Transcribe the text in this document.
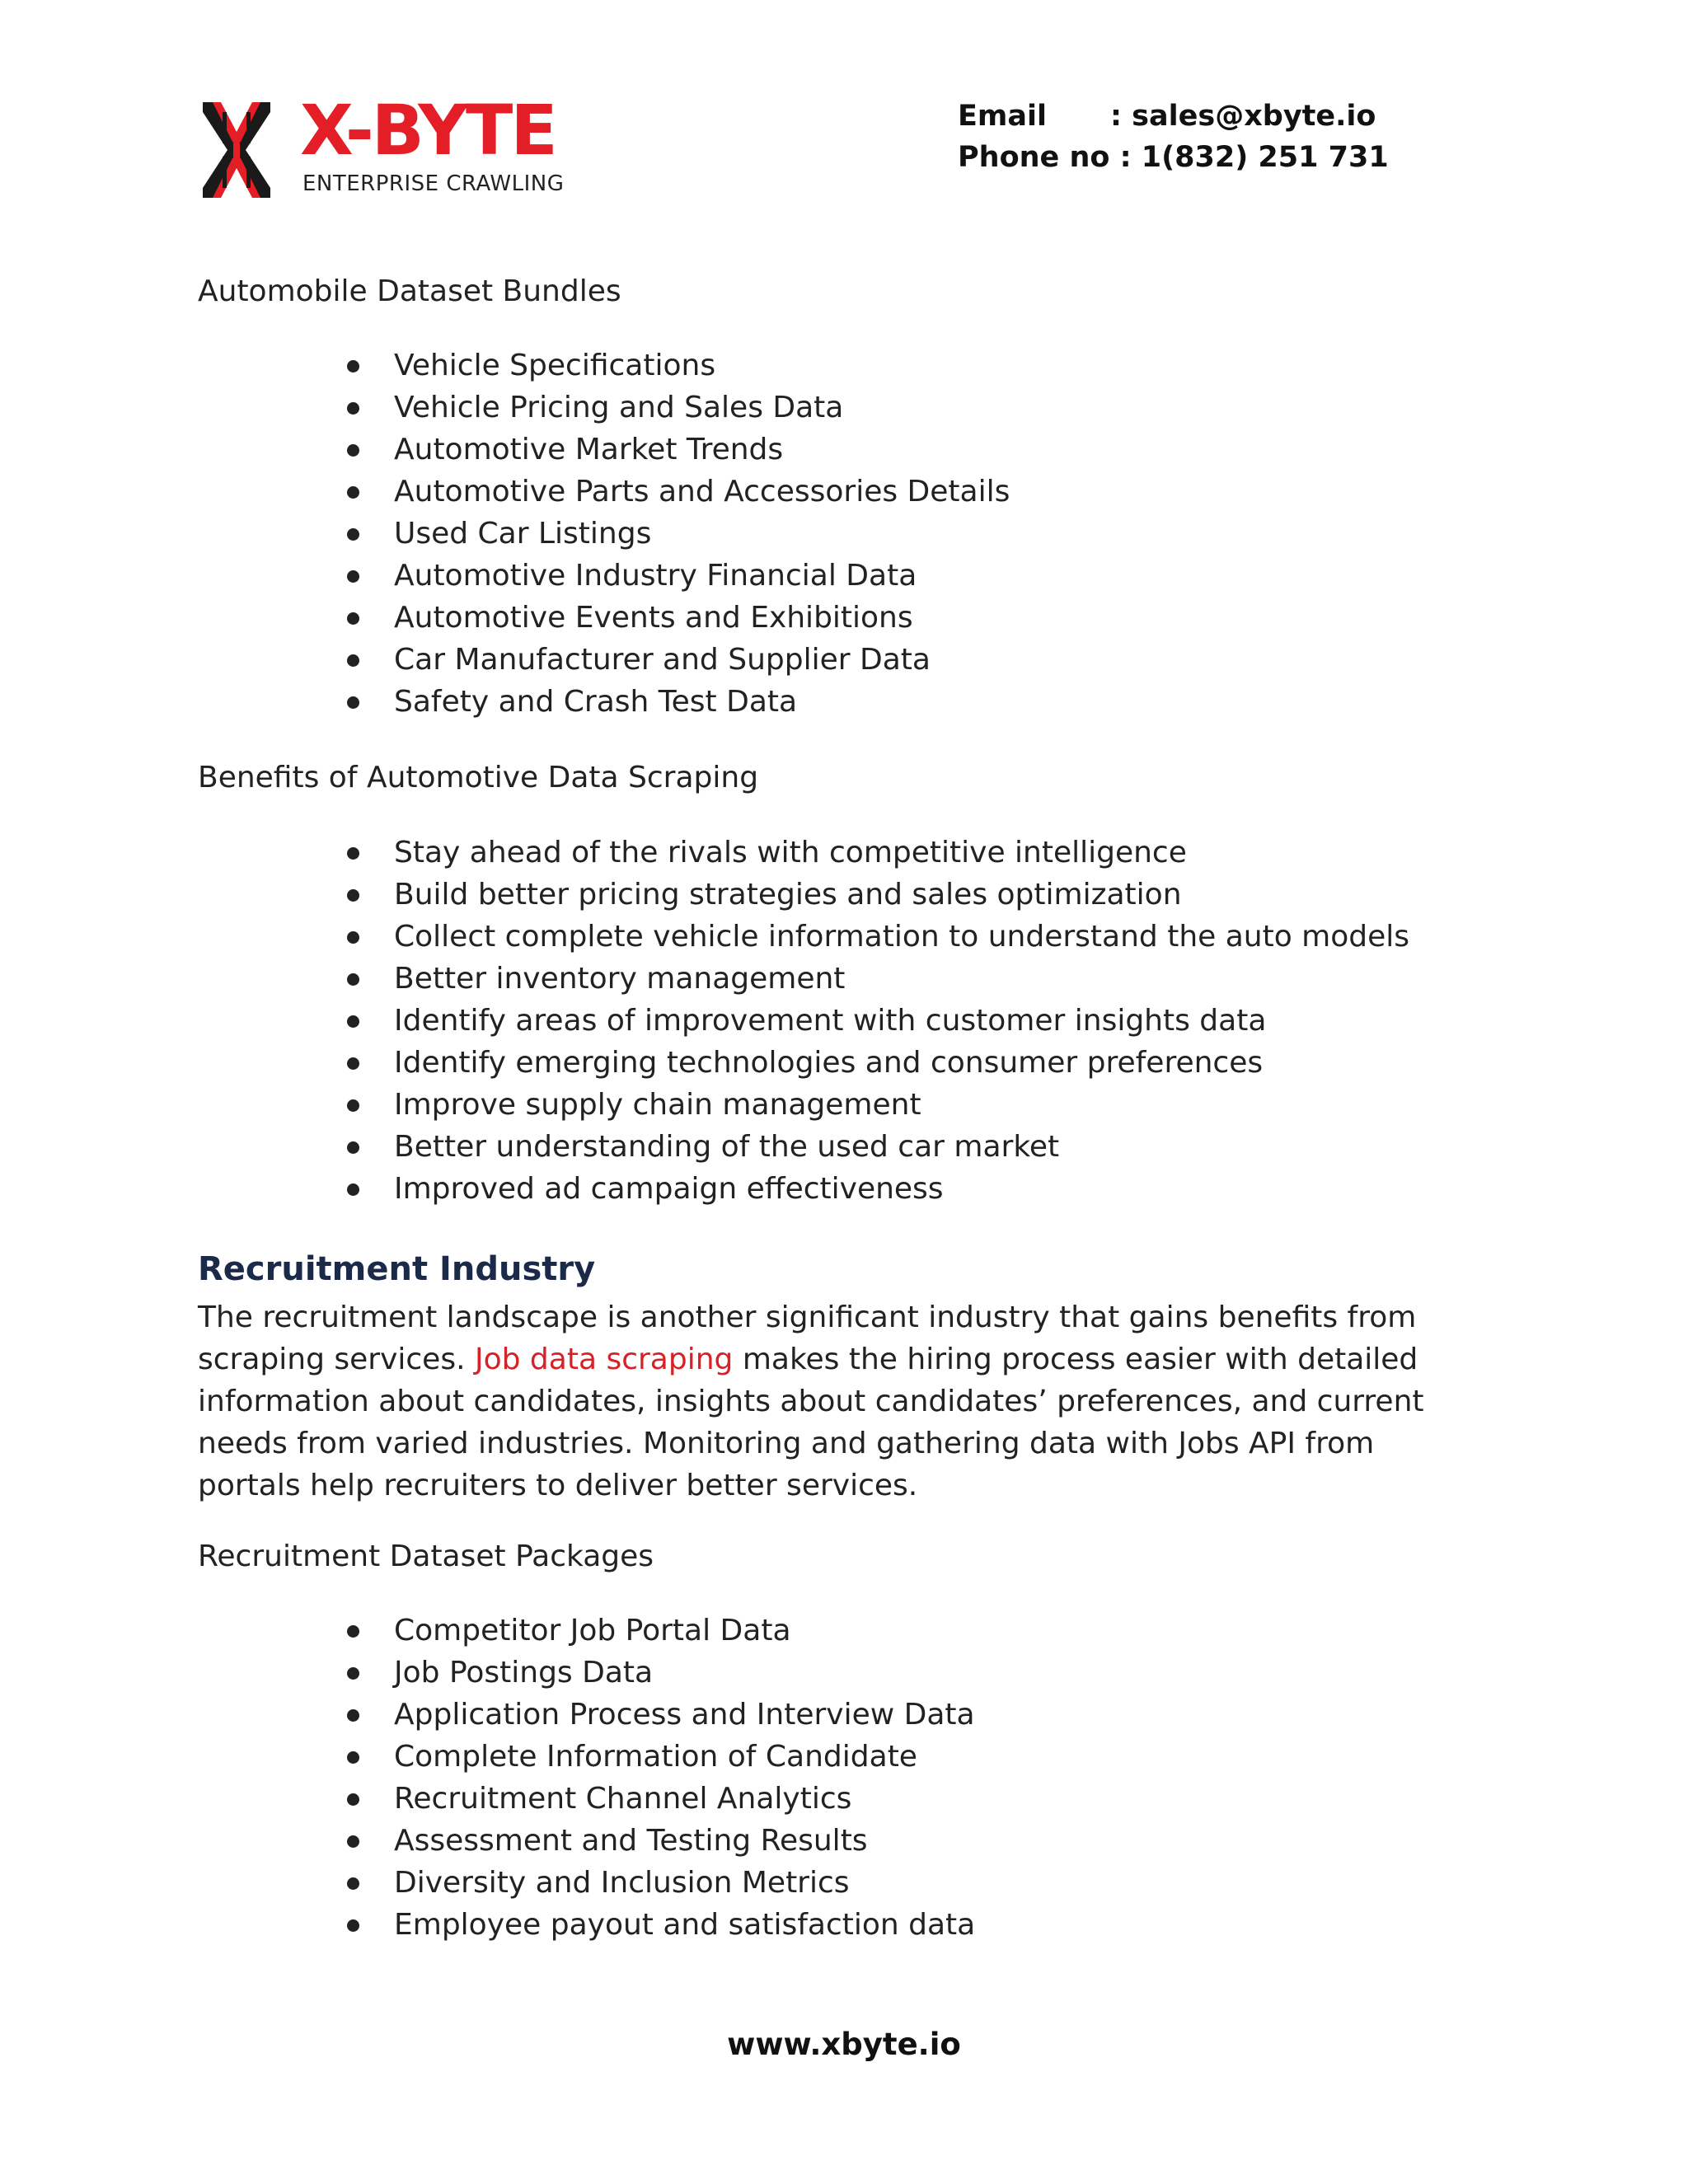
X-BYTE
ENTERPRISE CRAWLING
Email : sales@xbyte.io
Phone no : 1(832) 251 731
Automobile Dataset Bundles
Vehicle Specifications
Vehicle Pricing and Sales Data
Automotive Market Trends
Automotive Parts and Accessories Details
Used Car Listings
Automotive Industry Financial Data
Automotive Events and Exhibitions
Car Manufacturer and Supplier Data
Safety and Crash Test Data
Benefits of Automotive Data Scraping
Stay ahead of the rivals with competitive intelligence
Build better pricing strategies and sales optimization
Collect complete vehicle information to understand the auto models
Better inventory management
Identify areas of improvement with customer insights data
Identify emerging technologies and consumer preferences
Improve supply chain management
Better understanding of the used car market
Improved ad campaign effectiveness
Recruitment Industry
The recruitment landscape is another significant industry that gains benefits from
scraping services. Job data scraping makes the hiring process easier with detailed
information about candidates, insights about candidates’ preferences, and current
needs from varied industries. Monitoring and gathering data with Jobs API from
portals help recruiters to deliver better services.
Recruitment Dataset Packages
Competitor Job Portal Data
Job Postings Data
Application Process and Interview Data
Complete Information of Candidate
Recruitment Channel Analytics
Assessment and Testing Results
Diversity and Inclusion Metrics
Employee payout and satisfaction data
www.xbyte.io
